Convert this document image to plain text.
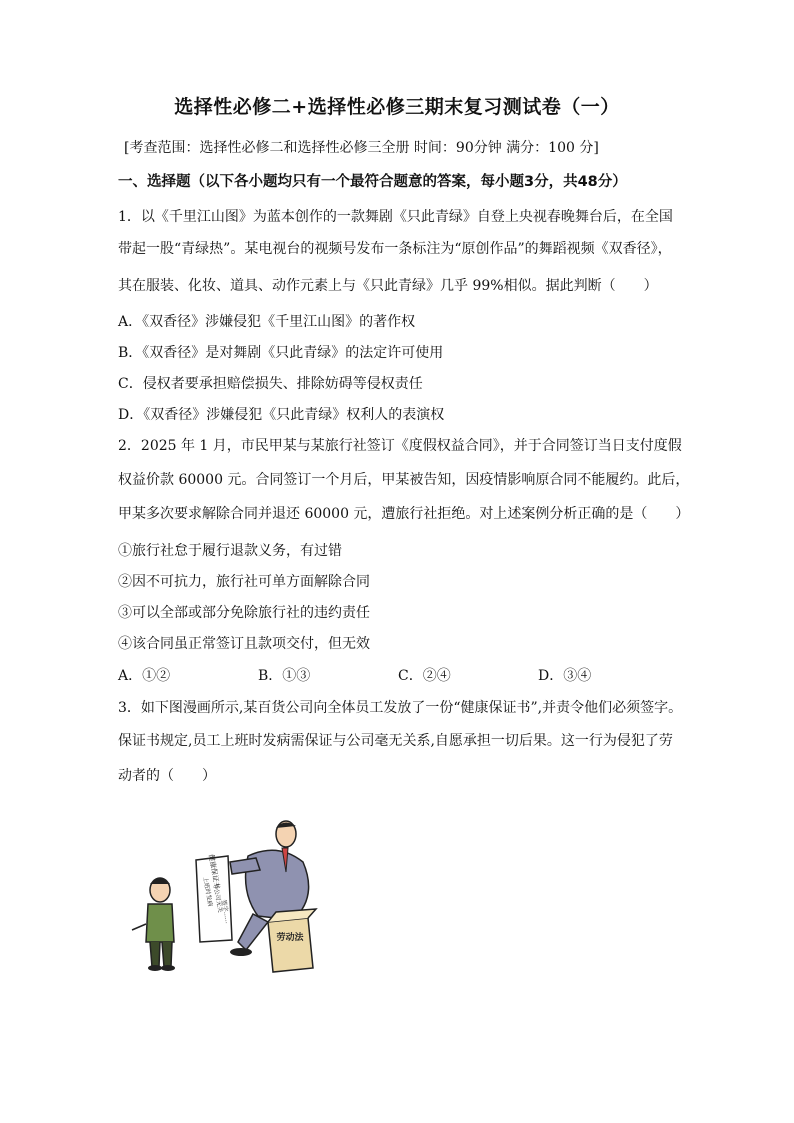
选择性必修二+选择性必修三期末复习测试卷（一）
[考查范围：选择性必修二和选择性必修三全册 时间：90分钟 满分：100 分]
一、选择题（以下各小题均只有一个最符合题意的答案，每小题3分，共48分）
1．以《千里江山图》为蓝本创作的一款舞剧《只此青绿》自登上央视春晚舞台后，在全国
带起一股“青绿热”。某电视台的视频号发布一条标注为“原创作品”的舞蹈视频《双香径》，
其在服装、化妆、道具、动作元素上与《只此青绿》几乎 99%相似。据此判断（　　）
A．《双香径》涉嫌侵犯《千里江山图》的著作权
B．《双香径》是对舞剧《只此青绿》的法定许可使用
C．侵权者要承担赔偿损失、排除妨碍等侵权责任
D．《双香径》涉嫌侵犯《只此青绿》权利人的表演权
2．2025 年 1 月，市民甲某与某旅行社签订《度假权益合同》，并于合同签订当日支付度假
权益价款 60000 元。合同签订一个月后，甲某被告知，因疫情影响原合同不能履约。此后，
甲某多次要求解除合同并退还 60000 元，遭旅行社拒绝。对上述案例分析正确的是（　　）
①旅行社怠于履行退款义务，有过错
②因不可抗力，旅行社可单方面解除合同
③可以全部或部分免除旅行社的违约责任
④该合同虽正常签订且款项交付，但无效
A．①②	B．①③	C．②④	D．③④
3．如下图漫画所示,某百货公司向全体员工发放了一份“健康保证书”,并责令他们必须签字。
保证书规定,员工上班时发病需保证与公司毫无关系,自愿承担一切后果。这一行为侵犯了劳
动者的（　　）
健康保证书
上班时发病
与公司无关
签字……
劳动法
